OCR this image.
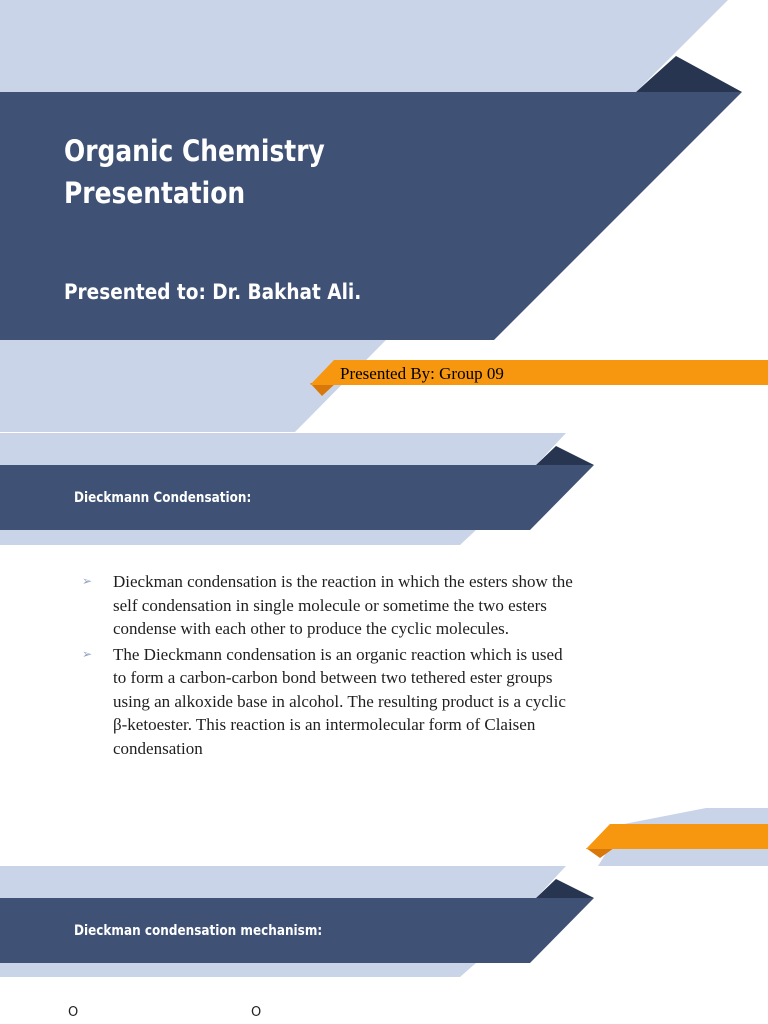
Organic Chemistry
Presentation

Presented to: Dr. Bakhat Ali.

Presented By: Group 09

Dieckmann Condensation:
➢ Dieckman condensation is the reaction in which the esters show the self condensation in single molecule or sometime the two esters condense with each other to produce the cyclic molecules.
➢ The Dieckmann condensation is an organic reaction which is used to form a carbon-carbon bond between two tethered ester groups using an alkoxide base in alcohol. The resulting product is a cyclic β-ketoester. This reaction is an intermolecular form of Claisen condensation
Dieckman condensation mechanism:
O	O
